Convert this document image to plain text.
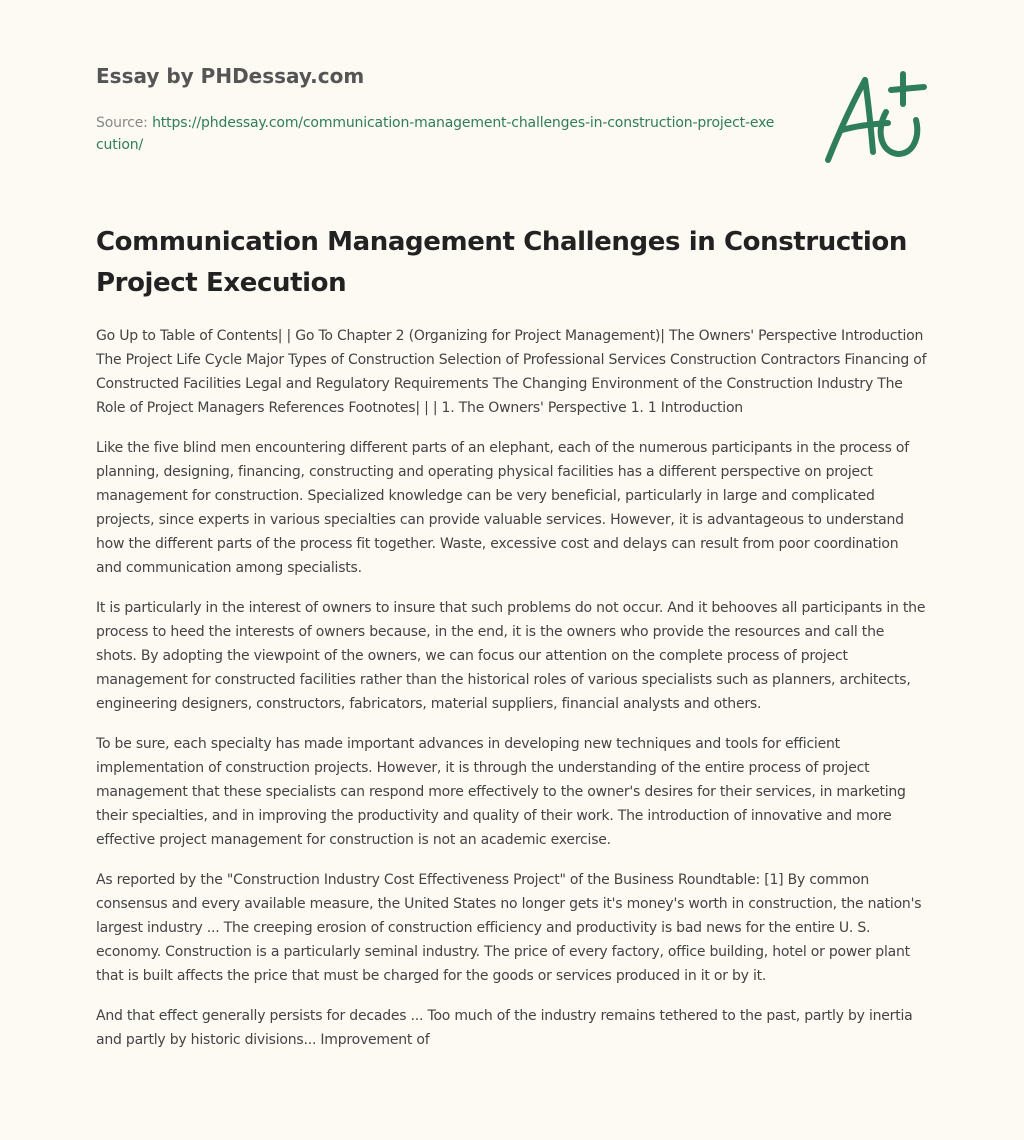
Essay by PHDessay.com
Source: https://phdessay.com/communication-management-challenges-in-construction-project-execution/
Communication Management Challenges in Construction Project Execution

Go Up to Table of Contents| | Go To Chapter 2 (Organizing for Project Management)| The Owners' Perspective Introduction The Project Life Cycle Major Types of Construction Selection of Professional Services Construction Contractors Financing of Constructed Facilities Legal and Regulatory Requirements The Changing Environment of the Construction Industry The Role of Project Managers References Footnotes| | | 1. The Owners' Perspective 1. 1 Introduction

Like the five blind men encountering different parts of an elephant, each of the numerous participants in the process of planning, designing, financing, constructing and operating physical facilities has a different perspective on project management for construction. Specialized knowledge can be very beneficial, particularly in large and complicated projects, since experts in various specialties can provide valuable services. However, it is advantageous to understand how the different parts of the process fit together. Waste, excessive cost and delays can result from poor coordination and communication among specialists.

It is particularly in the interest of owners to insure that such problems do not occur. And it behooves all participants in the process to heed the interests of owners because, in the end, it is the owners who provide the resources and call the shots. By adopting the viewpoint of the owners, we can focus our attention on the complete process of project management for constructed facilities rather than the historical roles of various specialists such as planners, architects, engineering designers, constructors, fabricators, material suppliers, financial analysts and others.

To be sure, each specialty has made important advances in developing new techniques and tools for efficient implementation of construction projects. However, it is through the understanding of the entire process of project management that these specialists can respond more effectively to the owner's desires for their services, in marketing their specialties, and in improving the productivity and quality of their work. The introduction of innovative and more effective project management for construction is not an academic exercise.

As reported by the "Construction Industry Cost Effectiveness Project" of the Business Roundtable: [1] By common consensus and every available measure, the United States no longer gets it's money's worth in construction, the nation's largest industry ... The creeping erosion of construction efficiency and productivity is bad news for the entire U. S. economy. Construction is a particularly seminal industry. The price of every factory, office building, hotel or power plant that is built affects the price that must be charged for the goods or services produced in it or by it.

And that effect generally persists for decades ... Too much of the industry remains tethered to the past, partly by inertia and partly by historic divisions... Improvement of
